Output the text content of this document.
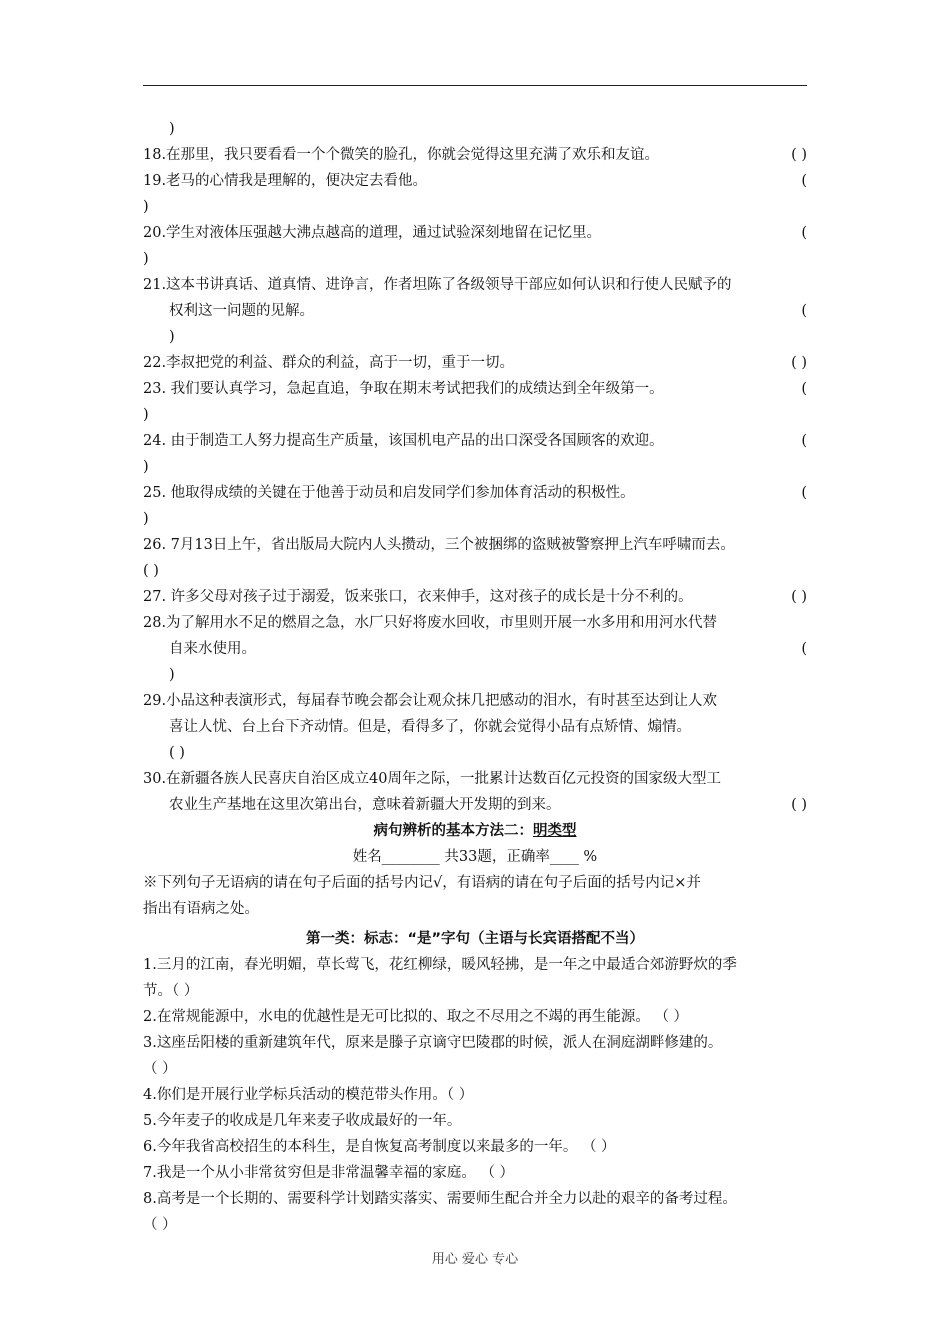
)
18.在那里，我只要看看一个个微笑的脸孔，你就会觉得这里充满了欢乐和友谊。	( )
19.老马的心情我是理解的，便决定去看他。	(
)
20.学生对液体压强越大沸点越高的道理，通过试验深刻地留在记忆里。	(
)
21.这本书讲真话、道真情、进诤言，作者坦陈了各级领导干部应如何认识和行使人民赋予的
权利这一问题的见解。	(
)
22.李叔把党的利益、群众的利益，高于一切，重于一切。	( )
23. 我们要认真学习，急起直追，争取在期末考试把我们的成绩达到全年级第一。	(
)
24. 由于制造工人努力提高生产质量，该国机电产品的出口深受各国顾客的欢迎。	(
)
25. 他取得成绩的关键在于他善于动员和启发同学们参加体育活动的积极性。	(
)
26. 7月13日上午，省出版局大院内人头攒动，三个被捆绑的盗贼被警察押上汽车呼啸而去。
( )
27. 许多父母对孩子过于溺爱，饭来张口，衣来伸手，这对孩子的成长是十分不利的。	( )
28.为了解用水不足的燃眉之急，水厂只好将废水回收，市里则开展一水多用和用河水代替
自来水使用。	(
)
29.小品这种表演形式，每届春节晚会都会让观众抹几把感动的泪水，有时甚至达到让人欢
喜让人忧、台上台下齐动情。但是，看得多了，你就会觉得小品有点矫情、煽情。
( )
30.在新疆各族人民喜庆自治区成立40周年之际，一批累计达数百亿元投资的国家级大型工
农业生产基地在这里次第出台，意味着新疆大开发期的到来。	( )
病句辨析的基本方法二：明类型
姓名________ 共33题，正确率____ %
※下列句子无语病的请在句子后面的括号内记√，有语病的请在句子后面的括号内记×并
指出有语病之处。
第一类：标志：“是”字句（主语与长宾语搭配不当）
1.三月的江南，春光明媚，草长莺飞，花红柳绿，暖风轻拂，是一年之中最适合郊游野炊的季
节。（ ）
2.在常规能源中，水电的优越性是无可比拟的、取之不尽用之不竭的再生能源。 （ ）
3.这座岳阳楼的重新建筑年代，原来是滕子京谪守巴陵郡的时候，派人在洞庭湖畔修建的。
（ ）
4.你们是开展行业学标兵活动的模范带头作用。（ ）
5.今年麦子的收成是几年来麦子收成最好的一年。
6.今年我省高校招生的本科生，是自恢复高考制度以来最多的一年。 （ ）
7.我是一个从小非常贫穷但是非常温馨幸福的家庭。 （ ）
8.高考是一个长期的、需要科学计划踏实落实、需要师生配合并全力以赴的艰辛的备考过程。
（ ）
用心 爱心 专心
